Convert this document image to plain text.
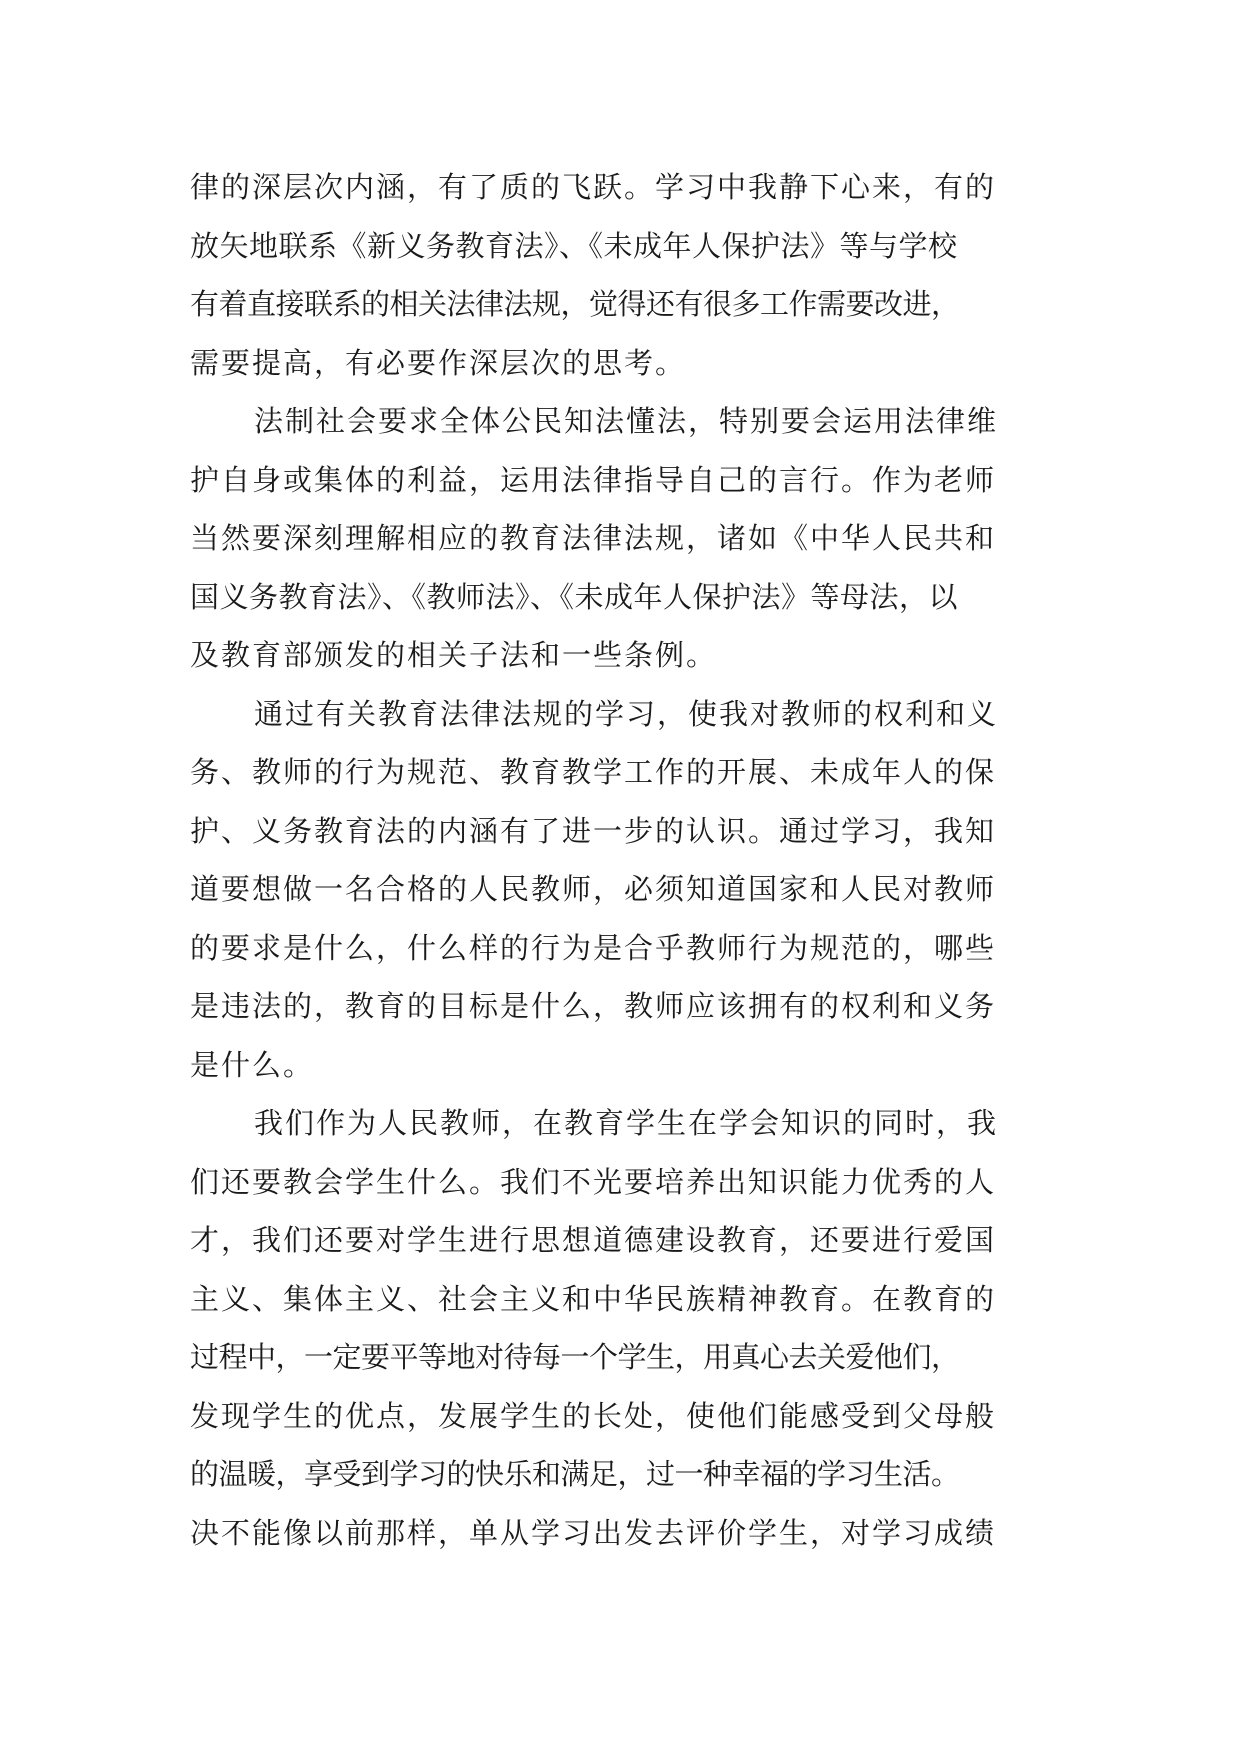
律的深层次内涵，有了质的飞跃。学习中我静下心来，有的
放矢地联系《新义务教育法》、《未成年人保护法》等与学校
有着直接联系的相关法律法规，觉得还有很多工作需要改进，
需要提高，有必要作深层次的思考。
法制社会要求全体公民知法懂法，特别要会运用法律维
护自身或集体的利益，运用法律指导自己的言行。作为老师
当然要深刻理解相应的教育法律法规，诸如《中华人民共和
国义务教育法》、《教师法》、《未成年人保护法》等母法，以
及教育部颁发的相关子法和一些条例。
通过有关教育法律法规的学习，使我对教师的权利和义
务、教师的行为规范、教育教学工作的开展、未成年人的保
护、义务教育法的内涵有了进一步的认识。通过学习，我知
道要想做一名合格的人民教师，必须知道国家和人民对教师
的要求是什么，什么样的行为是合乎教师行为规范的，哪些
是违法的，教育的目标是什么，教师应该拥有的权利和义务
是什么。
我们作为人民教师，在教育学生在学会知识的同时，我
们还要教会学生什么。我们不光要培养出知识能力优秀的人
才，我们还要对学生进行思想道德建设教育，还要进行爱国
主义、集体主义、社会主义和中华民族精神教育。在教育的
过程中，一定要平等地对待每一个学生，用真心去关爱他们，
发现学生的优点，发展学生的长处，使他们能感受到父母般
的温暖，享受到学习的快乐和满足，过一种幸福的学习生活。
决不能像以前那样，单从学习出发去评价学生，对学习成绩
